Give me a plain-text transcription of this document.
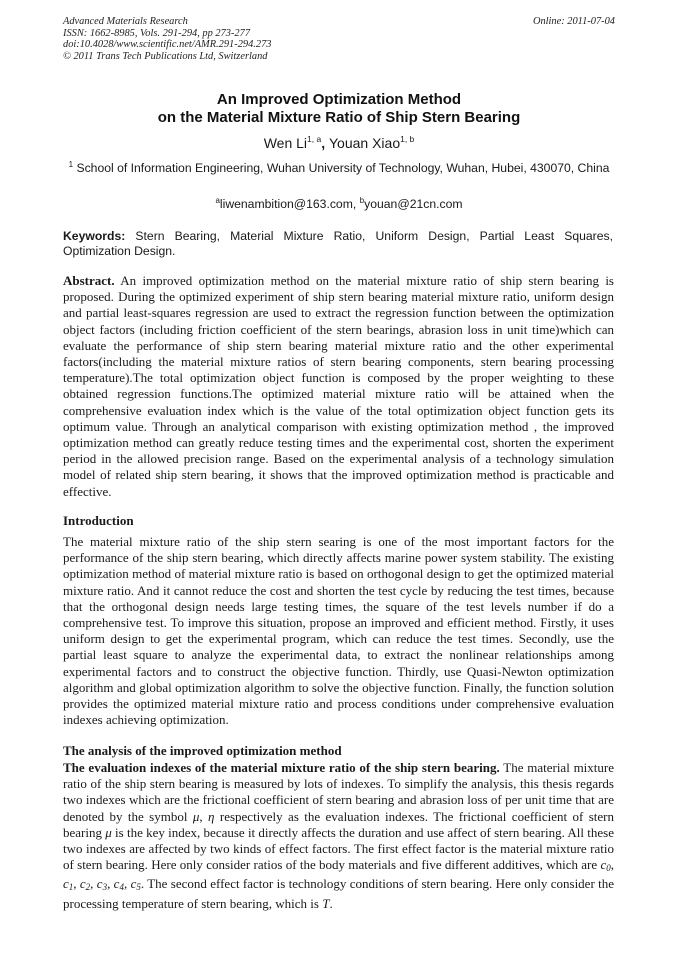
Advanced Materials Research
ISSN: 1662-8985, Vols. 291-294, pp 273-277
doi:10.4028/www.scientific.net/AMR.291-294.273
© 2011 Trans Tech Publications Ltd, Switzerland
Online: 2011-07-04
An Improved Optimization Method
on the Material Mixture Ratio of Ship Stern Bearing
Wen Li$^{1, a}$, Youan Xiao$^{1, b}$
$^1$ School of Information Engineering, Wuhan University of Technology, Wuhan, Hubei, 430070, China
$^a$liwenambition@163.com, $^b$youan@21cn.com
Keywords: Stern Bearing, Material Mixture Ratio, Uniform Design, Partial Least Squares, Optimization Design.
Abstract. An improved optimization method on the material mixture ratio of ship stern bearing is proposed. During the optimized experiment of ship stern bearing material mixture ratio, uniform design and partial least-squares regression are used to extract the regression function between the optimization object factors (including friction coefficient of the stern bearings, abrasion loss in unit time)which can evaluate the performance of ship stern bearing material mixture ratio and the other experimental factors(including the material mixture ratios of stern bearing components, stern bearing processing temperature).The total optimization object function is composed by the proper weighting to these obtained regression functions.The optimized material mixture ratio will be attained when the comprehensive evaluation index which is the value of the total optimization object function gets its optimum value. Through an analytical comparison with existing optimization method , the improved optimization method can greatly reduce testing times and the experimental cost, shorten the experiment period in the allowed precision range. Based on the experimental analysis of a technology simulation model of related ship stern bearing, it shows that the improved optimization method is practicable and effective.
Introduction
The material mixture ratio of the ship stern searing is one of the most important factors for the performance of the ship stern bearing, which directly affects marine power system stability. The existing optimization method of material mixture ratio is based on orthogonal design to get the optimized material mixture ratio. And it cannot reduce the cost and shorten the test cycle by reducing the test times, because that the orthogonal design needs large testing times, the square of the test levels number if do a comprehensive test. To improve this situation, propose an improved and efficient method. Firstly, it uses uniform design to get the experimental program, which can reduce the test times. Secondly, use the partial least square to analyze the experimental data, to extract the nonlinear relationships among experimental factors and to construct the objective function. Thirdly, use Quasi-Newton optimization algorithm and global optimization algorithm to solve the objective function. Finally, the function solution provides the optimized material mixture ratio and process conditions under comprehensive evaluation indexes achieving optimization.
The analysis of the improved optimization method
The evaluation indexes of the material mixture ratio of the ship stern bearing. The material mixture ratio of the ship stern bearing is measured by lots of indexes. To simplify the analysis, this thesis regards two indexes which are the frictional coefficient of stern bearing and abrasion loss of per unit time that are denoted by the symbol μ, η respectively as the evaluation indexes. The frictional coefficient of stern bearing μ is the key index, because it directly affects the duration and use affect of stern bearing. All these two indexes are affected by two kinds of effect factors. The first effect factor is the material mixture ratio of stern bearing. Here only consider ratios of the body materials and five different additives, which are $c_0$, $c_1$, $c_2$, $c_3$, $c_4$, $c_5$. The second effect factor is technology conditions of stern bearing. Here only consider the processing temperature of stern bearing, which is T.
